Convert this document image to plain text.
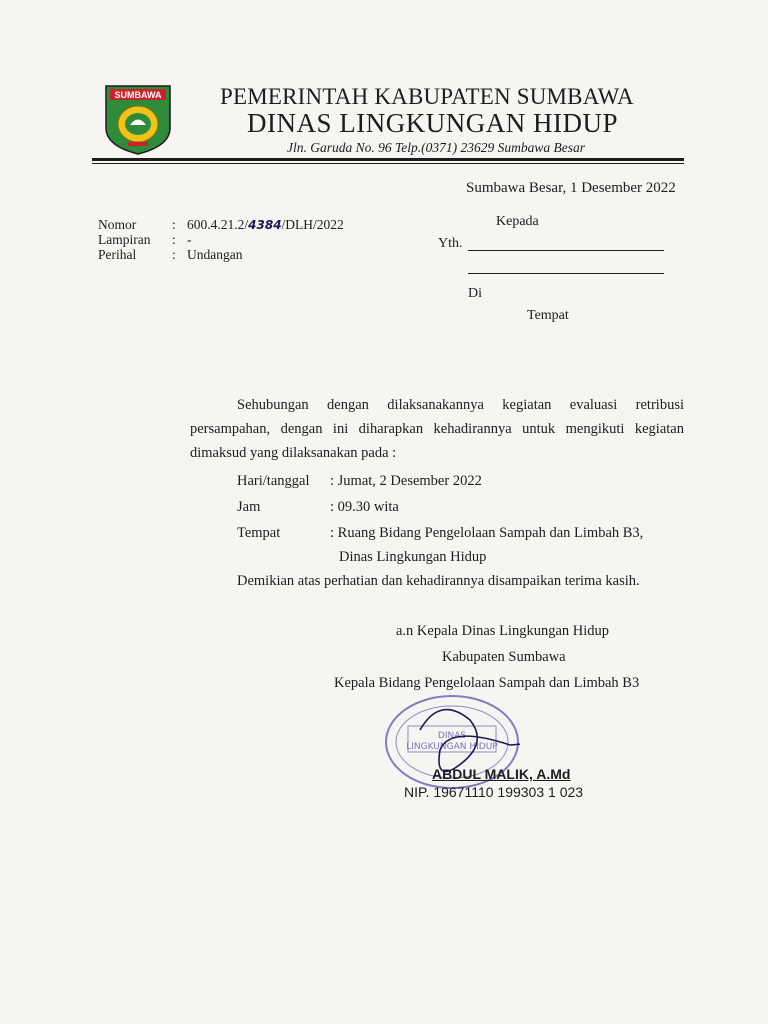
SUMBAWA	PEMERINTAH KABUPATEN SUMBAWA
DINAS LINGKUNGAN HIDUP
Jln. Garuda No. 96 Telp.(0371) 23629 Sumbawa Besar
Sumbawa Besar, 1 Desember 2022
Nomor	: 600.4.21.2/4384/DLH/2022
Lampiran : -
Perihal	: Undangan
Kepada
Yth.
Di
Tempat
Sehubungan dengan dilaksanakannya kegiatan evaluasi retribusi persampahan, dengan ini diharapkan kehadirannya untuk mengikuti kegiatan dimaksud yang dilaksanakan pada :
Hari/tanggal : Jumat, 2 Desember 2022
Jam	: 09.30 wita
Tempat	: Ruang Bidang Pengelolaan Sampah dan Limbah B3,
Dinas Lingkungan Hidup
Demikian atas perhatian dan kehadirannya disampaikan terima kasih.
a.n Kepala Dinas Lingkungan Hidup
Kabupaten Sumbawa
Kepala Bidang Pengelolaan Sampah dan Limbah B3
DINAS
LINGKUNGAN HIDUP
ABDUL MALIK, A.Md
NIP. 19671110 199303 1 023
